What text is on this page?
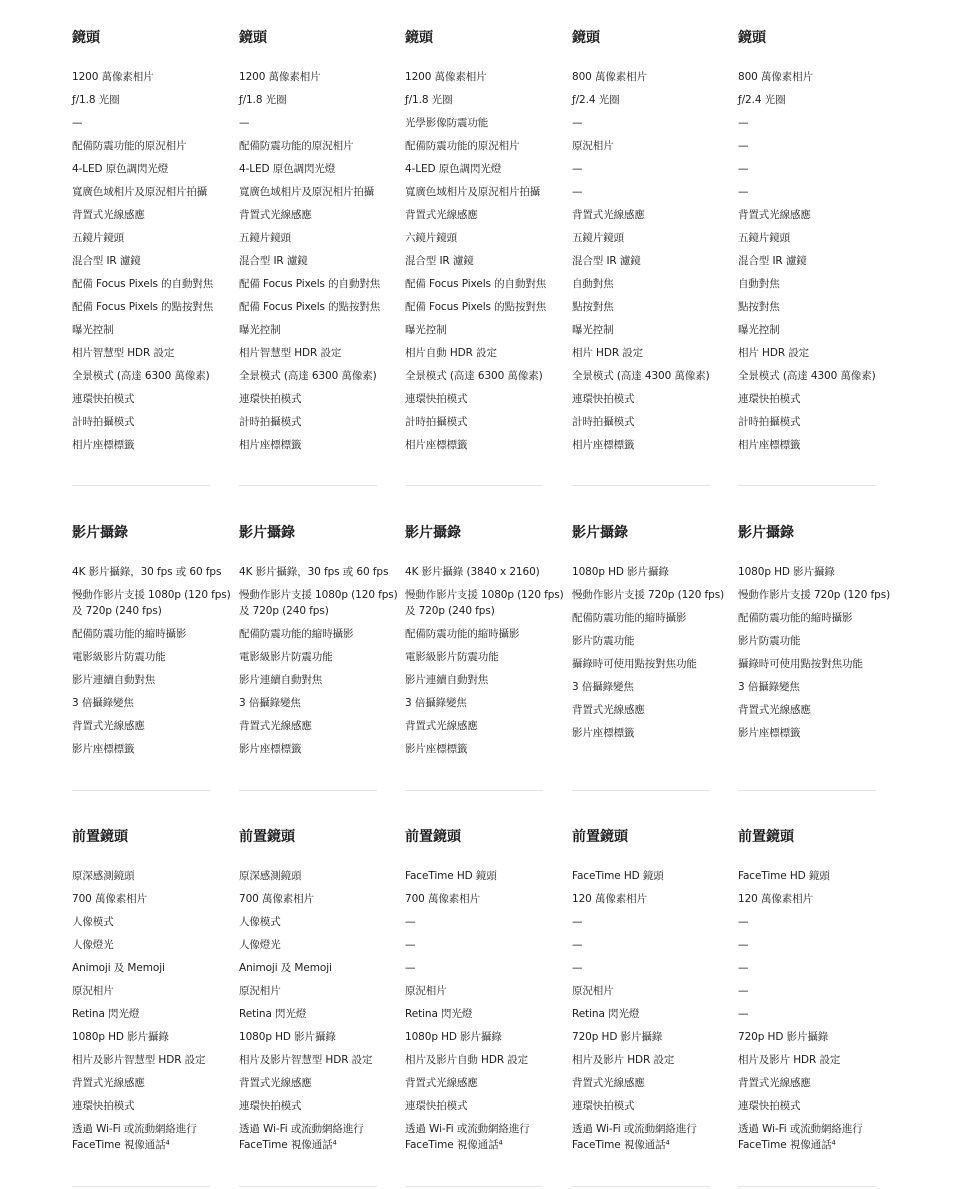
鏡頭
1200 萬像素相片
ƒ/1.8 光圈
—
配備防震功能的原況相片
4-LED 原色調閃光燈
寬廣色域相片及原況相片拍攝
背置式光線感應
五鏡片鏡頭
混合型 IR 濾鏡
配備 Focus Pixels 的自動對焦
配備 Focus Pixels 的點按對焦
曝光控制
相片智慧型 HDR 設定
全景模式 (高達 6300 萬像素)
連環快拍模式
計時拍攝模式
相片座標標籤
鏡頭
1200 萬像素相片
ƒ/1.8 光圈
—
配備防震功能的原況相片
4-LED 原色調閃光燈
寬廣色域相片及原況相片拍攝
背置式光線感應
五鏡片鏡頭
混合型 IR 濾鏡
配備 Focus Pixels 的自動對焦
配備 Focus Pixels 的點按對焦
曝光控制
相片智慧型 HDR 設定
全景模式 (高達 6300 萬像素)
連環快拍模式
計時拍攝模式
相片座標標籤
鏡頭
1200 萬像素相片
ƒ/1.8 光圈
光學影像防震功能
配備防震功能的原況相片
4-LED 原色調閃光燈
寬廣色域相片及原況相片拍攝
背置式光線感應
六鏡片鏡頭
混合型 IR 濾鏡
配備 Focus Pixels 的自動對焦
配備 Focus Pixels 的點按對焦
曝光控制
相片自動 HDR 設定
全景模式 (高達 6300 萬像素)
連環快拍模式
計時拍攝模式
相片座標標籤
鏡頭
800 萬像素相片
ƒ/2.4 光圈
—
原況相片
—
—
背置式光線感應
五鏡片鏡頭
混合型 IR 濾鏡
自動對焦
點按對焦
曝光控制
相片 HDR 設定
全景模式 (高達 4300 萬像素)
連環快拍模式
計時拍攝模式
相片座標標籤
鏡頭
800 萬像素相片
ƒ/2.4 光圈
—
—
—
—
背置式光線感應
五鏡片鏡頭
混合型 IR 濾鏡
自動對焦
點按對焦
曝光控制
相片 HDR 設定
全景模式 (高達 4300 萬像素)
連環快拍模式
計時拍攝模式
相片座標標籤
影片攝錄
4K 影片攝錄，30 fps 或 60 fps
慢動作影片支援 1080p (120 fps)
及 720p (240 fps)
配備防震功能的縮時攝影
電影級影片防震功能
影片連續自動對焦
3 倍攝錄變焦
背置式光線感應
影片座標標籤
影片攝錄
4K 影片攝錄，30 fps 或 60 fps
慢動作影片支援 1080p (120 fps)
及 720p (240 fps)
配備防震功能的縮時攝影
電影級影片防震功能
影片連續自動對焦
3 倍攝錄變焦
背置式光線感應
影片座標標籤
影片攝錄
4K 影片攝錄 (3840 x 2160)
慢動作影片支援 1080p (120 fps)
及 720p (240 fps)
配備防震功能的縮時攝影
電影級影片防震功能
影片連續自動對焦
3 倍攝錄變焦
背置式光線感應
影片座標標籤
影片攝錄
1080p HD 影片攝錄
慢動作影片支援 720p (120 fps)
配備防震功能的縮時攝影
影片防震功能
攝錄時可使用點按對焦功能
3 倍攝錄變焦
背置式光線感應
影片座標標籤
影片攝錄
1080p HD 影片攝錄
慢動作影片支援 720p (120 fps)
配備防震功能的縮時攝影
影片防震功能
攝錄時可使用點按對焦功能
3 倍攝錄變焦
背置式光線感應
影片座標標籤
前置鏡頭
原深感測鏡頭
700 萬像素相片
人像模式
人像燈光
Animoji 及 Memoji
原況相片
Retina 閃光燈
1080p HD 影片攝錄
相片及影片智慧型 HDR 設定
背置式光線感應
連環快拍模式
透過 Wi-Fi 或流動網絡進行
FaceTime 視像通話⁴
前置鏡頭
原深感測鏡頭
700 萬像素相片
人像模式
人像燈光
Animoji 及 Memoji
原況相片
Retina 閃光燈
1080p HD 影片攝錄
相片及影片智慧型 HDR 設定
背置式光線感應
連環快拍模式
透過 Wi-Fi 或流動網絡進行
FaceTime 視像通話⁴
前置鏡頭
FaceTime HD 鏡頭
700 萬像素相片
—
—
—
原況相片
Retina 閃光燈
1080p HD 影片攝錄
相片及影片自動 HDR 設定
背置式光線感應
連環快拍模式
透過 Wi-Fi 或流動網絡進行
FaceTime 視像通話⁴
前置鏡頭
FaceTime HD 鏡頭
120 萬像素相片
—
—
—
原況相片
Retina 閃光燈
720p HD 影片攝錄
相片及影片 HDR 設定
背置式光線感應
連環快拍模式
透過 Wi-Fi 或流動網絡進行
FaceTime 視像通話⁴
前置鏡頭
FaceTime HD 鏡頭
120 萬像素相片
—
—
—
—
—
720p HD 影片攝錄
相片及影片 HDR 設定
背置式光線感應
連環快拍模式
透過 Wi-Fi 或流動網絡進行
FaceTime 視像通話⁴
